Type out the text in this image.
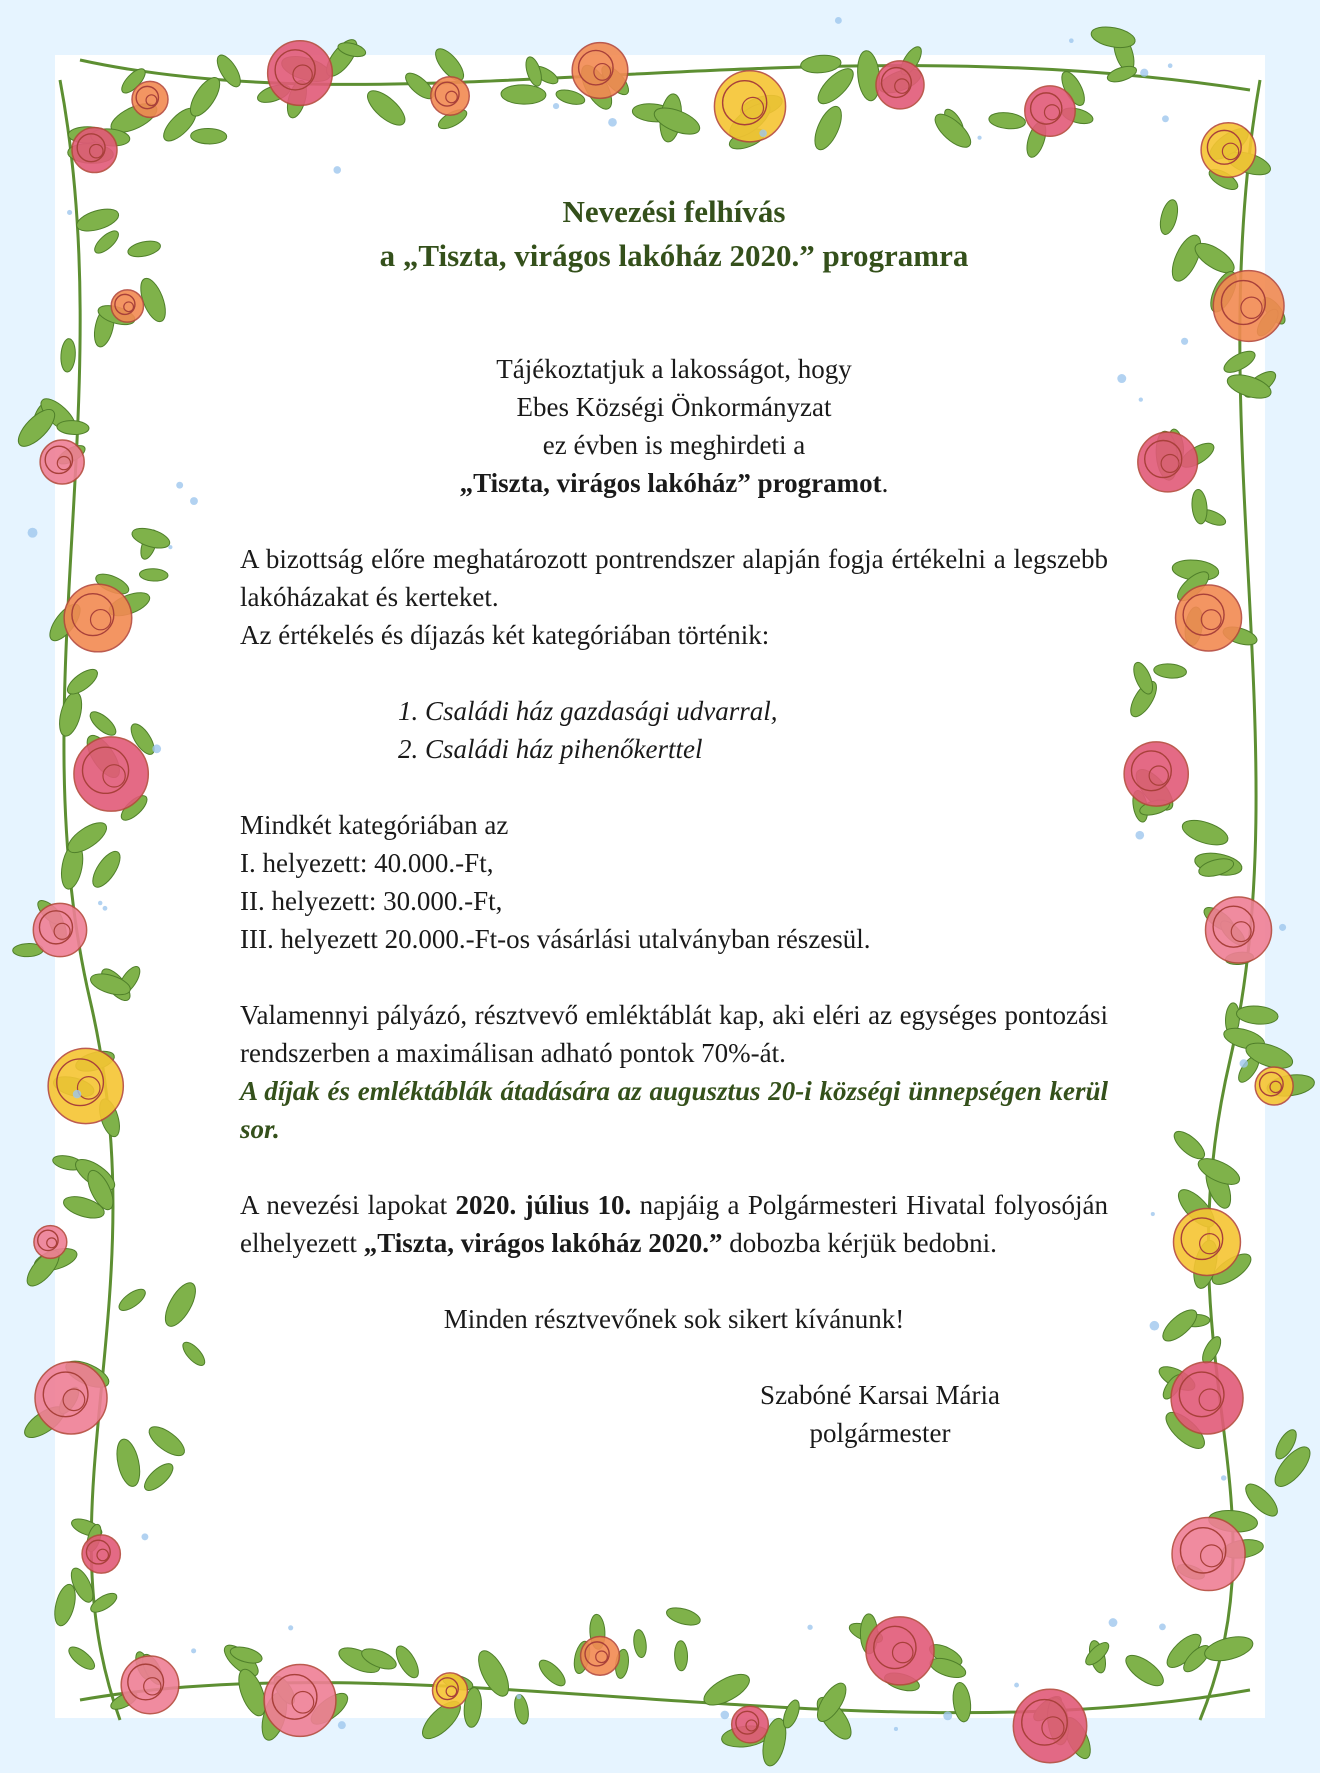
Nevezési felhívás

a „Tiszta, virágos lakóház 2020.” programra

Tájékoztatjuk a lakosságot, hogy

Ebes Községi Önkormányzat

ez évben is meghirdeti a

„Tiszta, virágos lakóház” programot.

A bizottság előre meghatározott pontrendszer alapján fogja értékelni a legszebb lakóházakat és kerteket.

Az értékelés és díjazás két kategóriában történik:

1. Családi ház gazdasági udvarral,

2. Családi ház pihenőkerttel

Mindkét kategóriában az

I. helyezett: 40.000.-Ft,

II. helyezett: 30.000.-Ft,

III. helyezett 20.000.-Ft-os vásárlási utalványban részesül.

Valamennyi pályázó, résztvevő emléktáblát kap, aki eléri az egységes pontozási rendszerben a maximálisan adható pontok 70%-át.

A díjak és emléktáblák átadására az augusztus 20-i községi ünnepségen kerül sor.

A nevezési lapokat 2020. július 10. napjáig a Polgármesteri Hivatal folyosóján elhelyezett „Tiszta, virágos lakóház 2020.” dobozba kérjük bedobni.

Minden résztvevőnek sok sikert kívánunk!

Szabóné Karsai Mária

polgármester
